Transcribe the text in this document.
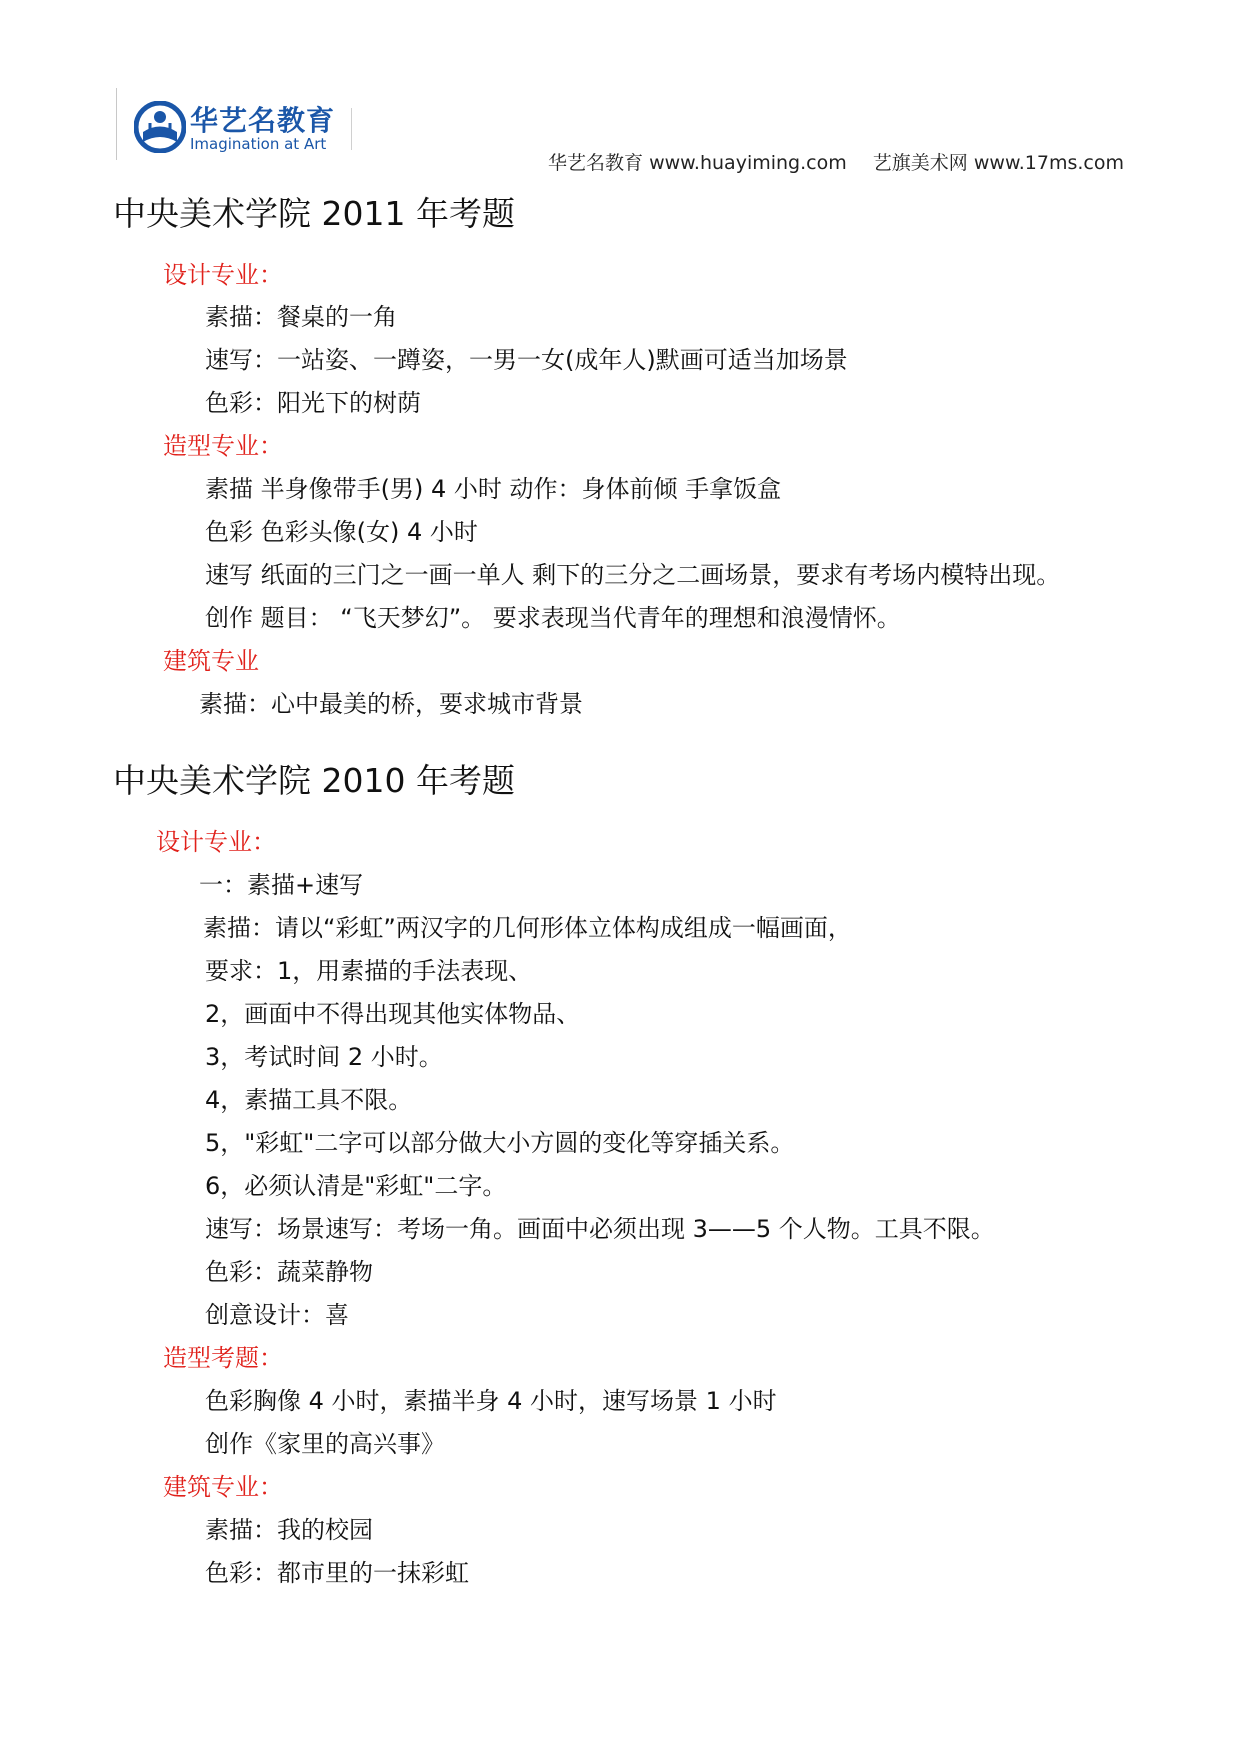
华艺名教育
Imagination at Art
华艺名教育 www.huayiming.com 艺旗美术网 www.17ms.com
中央美术学院 2011 年考题
设计专业：
素描：餐桌的一角
速写：一站姿、一蹲姿，一男一女(成年人)默画可适当加场景
色彩：阳光下的树荫
造型专业：
素描 半身像带手(男) 4 小时 动作：身体前倾 手拿饭盒
色彩 色彩头像(女) 4 小时
速写 纸面的三门之一画一单人 剩下的三分之二画场景，要求有考场内模特出现。
创作 题目： “飞天梦幻”。 要求表现当代青年的理想和浪漫情怀。
建筑专业
素描：心中最美的桥，要求城市背景
中央美术学院 2010 年考题
设计专业：
一：素描+速写
素描：请以“彩虹”两汉字的几何形体立体构成组成一幅画面，
要求：1，用素描的手法表现、
2，画面中不得出现其他实体物品、
3，考试时间 2 小时。
4，素描工具不限。
5，"彩虹"二字可以部分做大小方圆的变化等穿插关系。
6，必须认清是"彩虹"二字。
速写：场景速写：考场一角。画面中必须出现 3——5 个人物。工具不限。
色彩：蔬菜静物
创意设计：喜
造型考题：
色彩胸像 4 小时，素描半身 4 小时，速写场景 1 小时
创作《家里的高兴事》
建筑专业：
素描：我的校园
色彩：都市里的一抹彩虹
